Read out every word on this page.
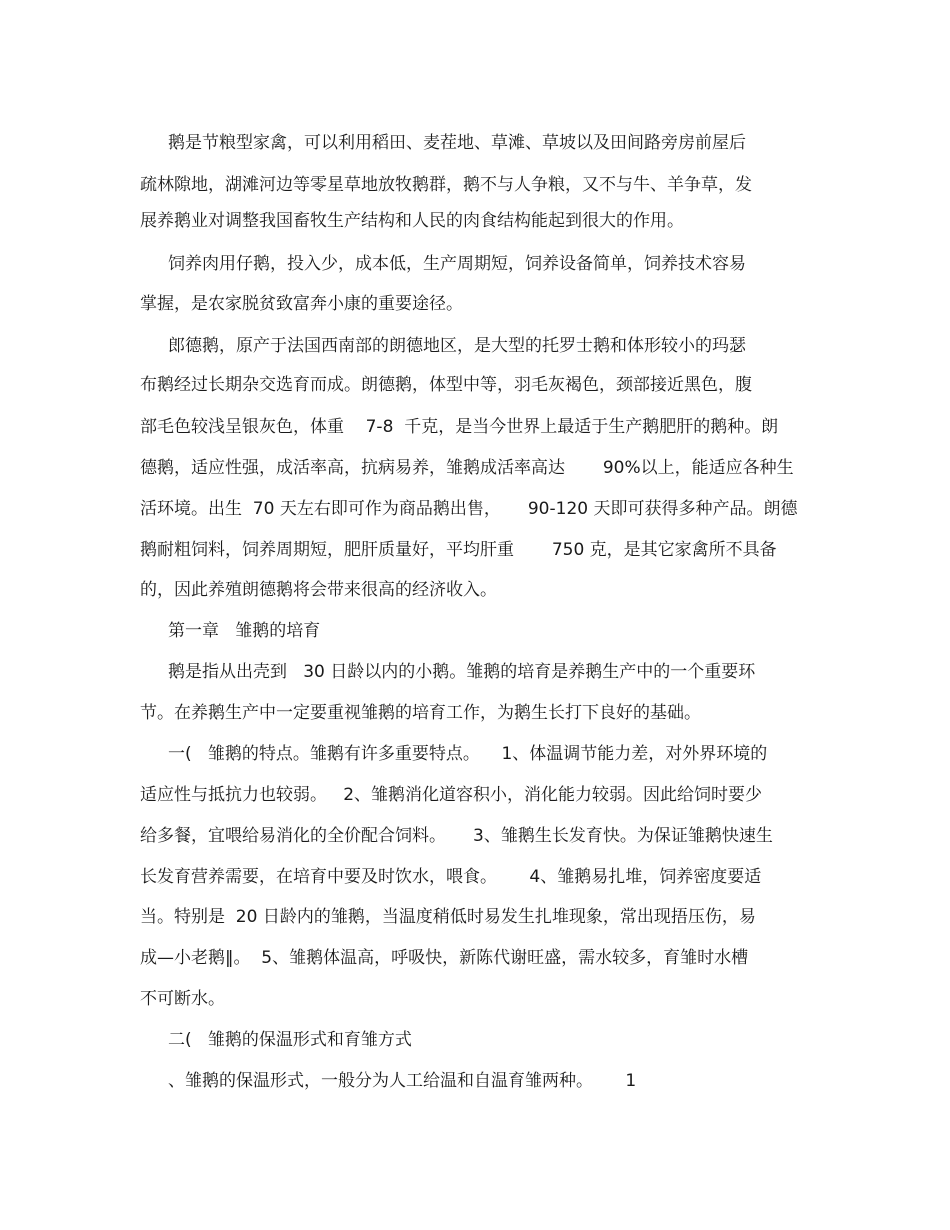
鹅是节粮型家禽，可以利用稻田、麦茬地、草滩、草坡以及田间路旁房前屋后
疏林隙地，湖滩河边等零星草地放牧鹅群，鹅不与人争粮，又不与牛、羊争草，发
展养鹅业对调整我国畜牧生产结构和人民的肉食结构能起到很大的作用。
饲养肉用仔鹅，投入少，成本低，生产周期短，饲养设备简单，饲养技术容易
掌握，是农家脱贫致富奔小康的重要途径。
郎德鹅，原产于法国西南部的朗德地区，是大型的托罗士鹅和体形较小的玛瑟
布鹅经过长期杂交选育而成。朗德鹅，体型中等，羽毛灰褐色，颈部接近黑色，腹
部毛色较浅呈银灰色，体重    7-8  千克，是当今世界上最适于生产鹅肥肝的鹅种。朗
德鹅，适应性强，成活率高，抗病易养，雏鹅成活率高达       90%以上，能适应各种生
活环境。出生  70 天左右即可作为商品鹅出售，     90-120 天即可获得多种产品。朗德
鹅耐粗饲料，饲养周期短，肥肝质量好，平均肝重       750 克，是其它家禽所不具备
的，因此养殖朗德鹅将会带来很高的经济收入。
第一章   雏鹅的培育
鹅是指从出壳到   30 日龄以内的小鹅。雏鹅的培育是养鹅生产中的一个重要环
节。在养鹅生产中一定要重视雏鹅的培育工作，为鹅生长打下良好的基础。
一(   雏鹅的特点。雏鹅有许多重要特点。    1、体温调节能力差，对外界环境的
适应性与抵抗力也较弱。   2、雏鹅消化道容积小，消化能力较弱。因此给饲时要少
给多餐，宜喂给易消化的全价配合饲料。     3、雏鹅生长发育快。为保证雏鹅快速生
长发育营养需要，在培育中要及时饮水，喂食。      4、雏鹅易扎堆，饲养密度要适
当。特别是  20 日龄内的雏鹅，当温度稍低时易发生扎堆现象，常出现捂压伤，易
成—小老鹅‖。  5、雏鹅体温高，呼吸快，新陈代谢旺盛，需水较多，育雏时水槽
不可断水。
二(   雏鹅的保温形式和育雏方式
、雏鹅的保温形式，一般分为人工给温和自温育雏两种。      1
